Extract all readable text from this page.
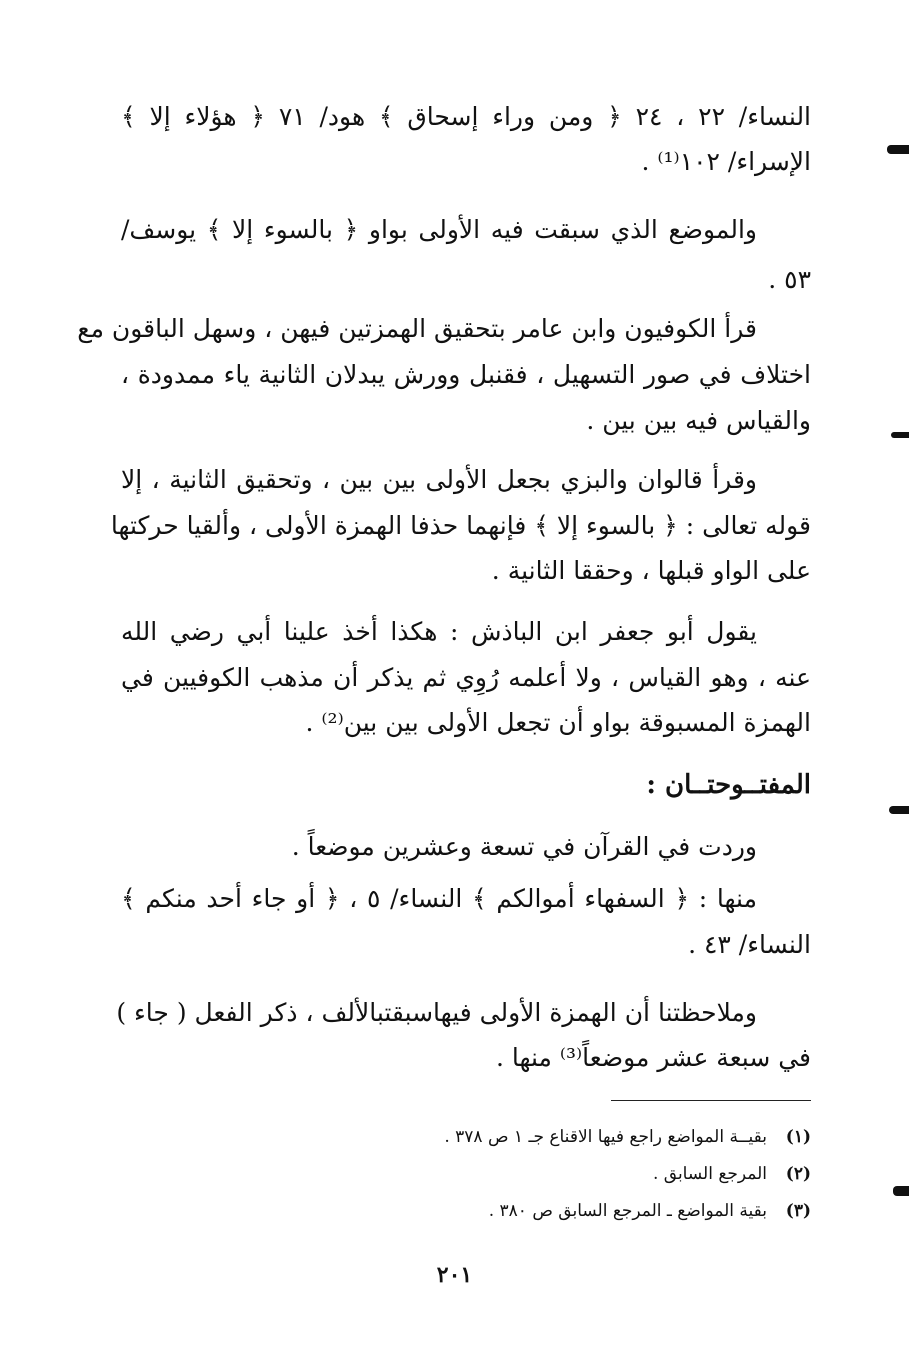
النساء/ ٢٢ ، ٢٤ ﴿ ومن وراء إسحاق ﴾ هود/ ٧١ ﴿ هؤلاء إلا ﴾
الإسراء/ ١٠٢⁽¹⁾ .
والموضع الذي سبقت فيه الأولى بواو ﴿ بالسوء إلا ﴾ يوسف/
٥٣ .
قرأ الكوفيون وابن عامر بتحقيق الهمزتين فيهن ، وسهل الباقون مع
اختلاف في صور التسهيل ، فقنبل وورش يبدلان الثانية ياء ممدودة ،
والقياس فيه بين بين .
وقرأ قالوان والبزي بجعل الأولى بين بين ، وتحقيق الثانية ، إلا
قوله تعالى : ﴿ بالسوء إلا ﴾ فإنهما حذفا الهمزة الأولى ، وألقيا حركتها
على الواو قبلها ، وحققا الثانية .
يقول أبو جعفر ابن الباذش : هكذا أخذ علينا أبي رضي الله
عنه ، وهو القياس ، ولا أعلمه رُوِي ثم يذكر أن مذهب الكوفيين في
الهمزة المسبوقة بواو أن تجعل الأولى بين بين⁽²⁾ .
المفتــوحتــان :
وردت في القرآن في تسعة وعشرين موضعاً .
منها : ﴿ السفهاء أموالكم ﴾ النساء/ ٥ ، ﴿ أو جاء أحد منكم ﴾
النساء/ ٤٣ .
وملاحظتنا أن الهمزة الأولى فيهاسبقتبالألف ، ذكر الفعل ( جاء )
في سبعة عشر موضعاً⁽³⁾ منها .
(١)بقيــة المواضع راجع فيها الاقناع جـ ١ ص ٣٧٨ .
(٢)المرجع السابق .
(٣)بقية المواضع ـ المرجع السابق ص ٣٨٠ .
٢٠١
